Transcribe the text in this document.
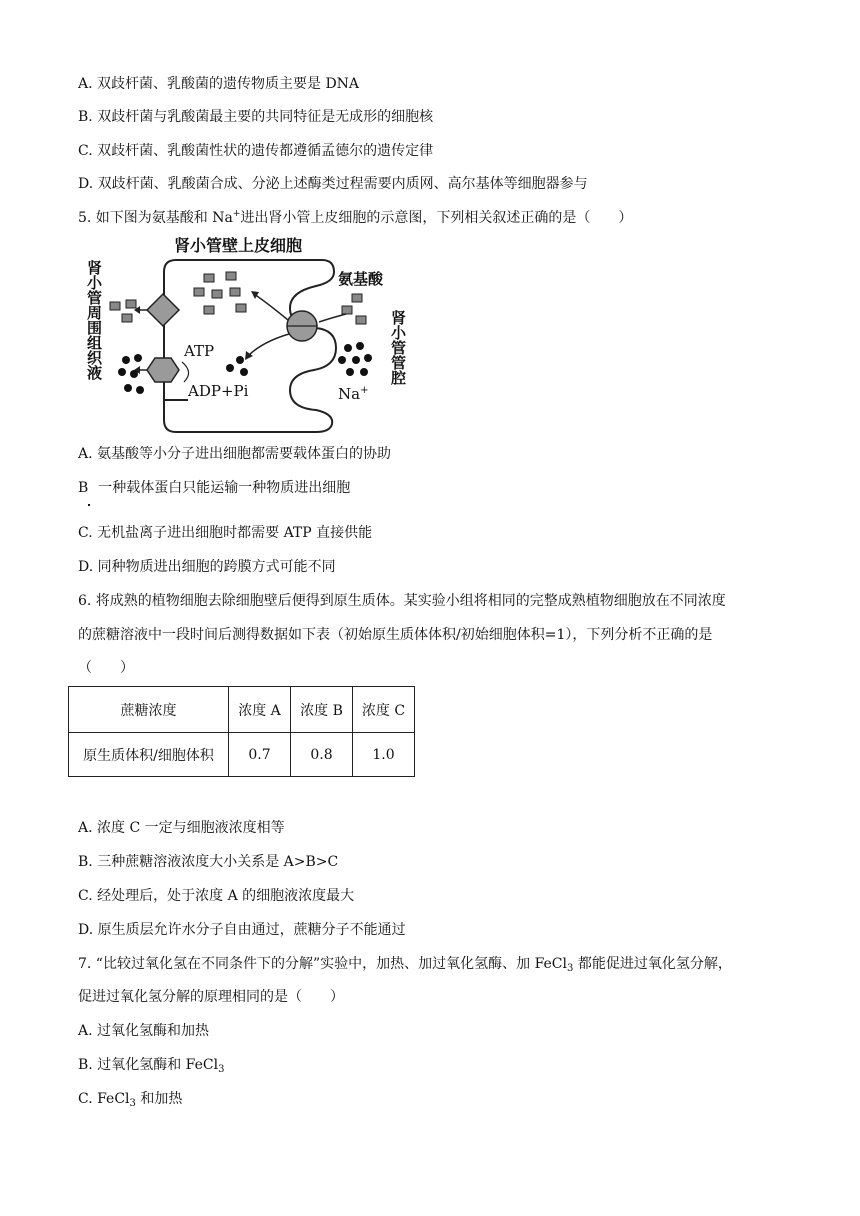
A. 双歧杆菌、乳酸菌的遗传物质主要是 DNA
B. 双歧杆菌与乳酸菌最主要的共同特征是无成形的细胞核
C. 双歧杆菌、乳酸菌性状的遗传都遵循孟德尔的遗传定律
D. 双歧杆菌、乳酸菌合成、分泌上述酶类过程需要内质网、高尔基体等细胞器参与
5. 如下图为氨基酸和 Na+进出肾小管上皮细胞的示意图，下列相关叙述正确的是（　　）
肾小管壁上皮细胞
肾小管周围组织液	肾小管管腔
氨基酸
ATP
ADP+Pi	Na+
A. 氨基酸等小分子进出细胞都需要载体蛋白的协助
B 一种载体蛋白只能运输一种物质进出细胞
C. 无机盐离子进出细胞时都需要 ATP 直接供能
D. 同种物质进出细胞的跨膜方式可能不同
6. 将成熟的植物细胞去除细胞壁后便得到原生质体。某实验小组将相同的完整成熟植物细胞放在不同浓度
的蔗糖溶液中一段时间后测得数据如下表（初始原生质体体积/初始细胞体积=1），下列分析不正确的是
（　　）
蔗糖浓度	浓度 A	浓度 B	浓度 C
原生质体积/细胞体积	0.7	0.8	1.0
A. 浓度 C 一定与细胞液浓度相等
B. 三种蔗糖溶液浓度大小关系是 A>B>C
C. 经处理后，处于浓度 A 的细胞液浓度最大
D. 原生质层允许水分子自由通过，蔗糖分子不能通过
7. “比较过氧化氢在不同条件下的分解”实验中，加热、加过氧化氢酶、加 FeCl$_3$ 都能促进过氧化氢分解，
促进过氧化氢分解的原理相同的是（　　）
A. 过氧化氢酶和加热
B. 过氧化氢酶和 FeCl$_3$
C. FeCl$_3$ 和加热
